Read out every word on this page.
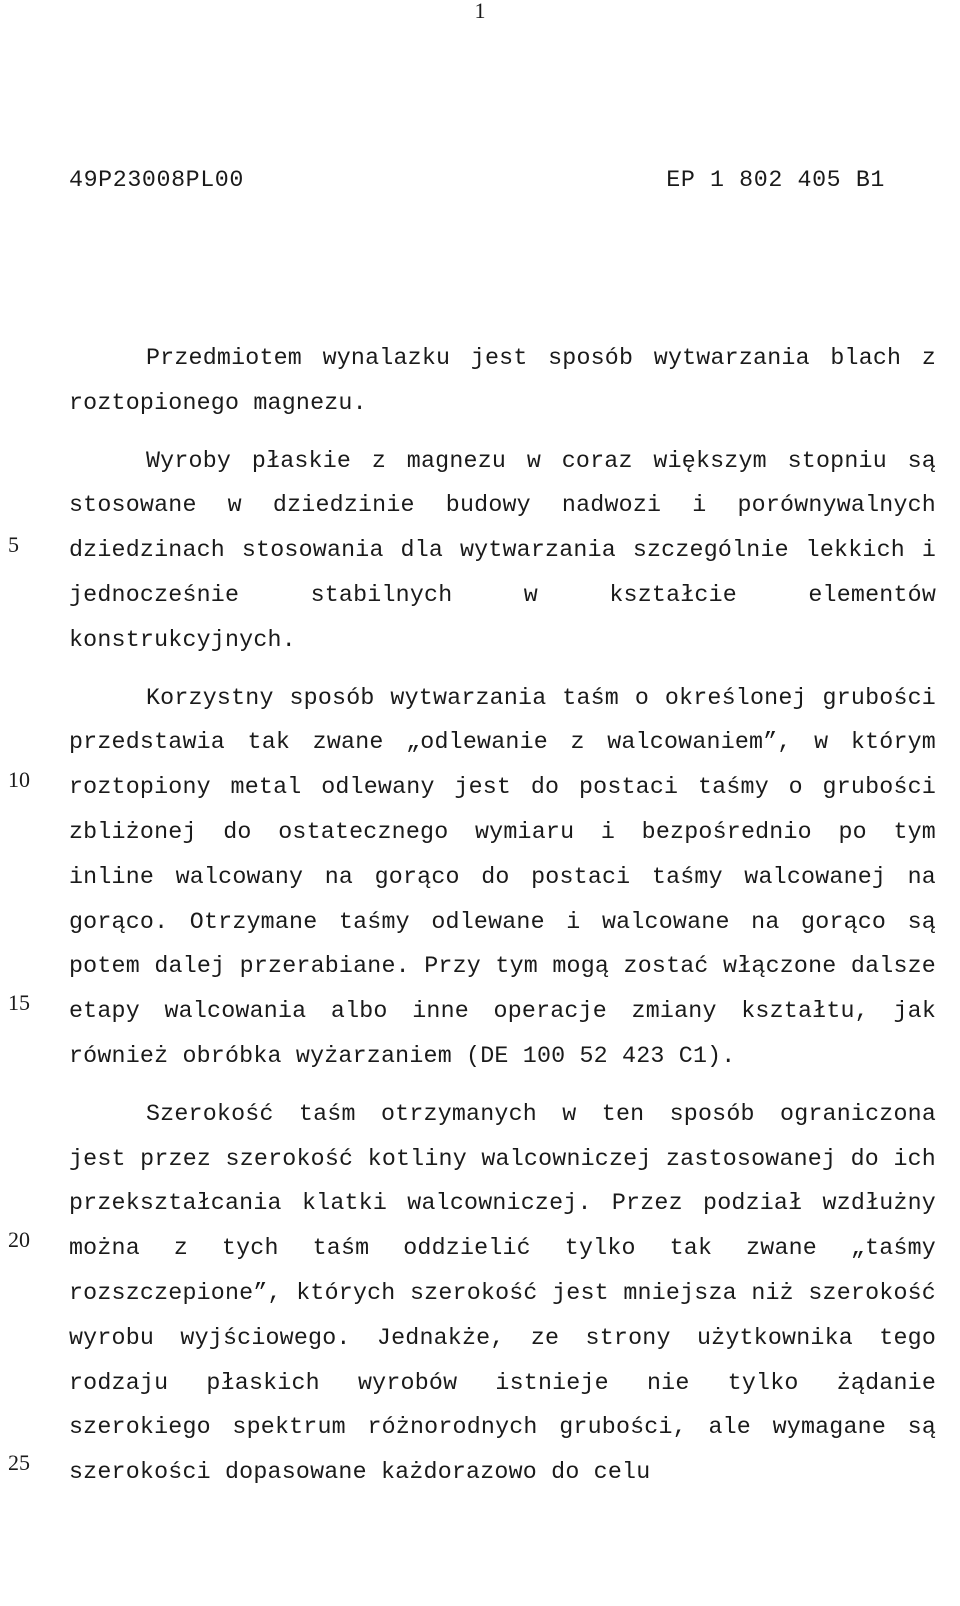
1
49P23008PL00	EP 1 802 405 B1
5
10
15
20
25

Przedmiotem wynalazku jest sposób wytwarzania blach z roztopionego magnezu.

Wyroby płaskie z magnezu w coraz większym stopniu są stosowane w dziedzinie budowy nadwozi i porównywalnych dziedzinach stosowania dla wytwarzania szczególnie lekkich i jednocześnie stabilnych w kształcie elementów konstrukcyjnych.

Korzystny sposób wytwarzania taśm o określonej grubości przedstawia tak zwane „odlewanie z walcowaniem”, w którym roztopiony metal odlewany jest do postaci taśmy o grubości zbliżonej do ostatecznego wymiaru i bezpośrednio po tym inline walcowany na gorąco do postaci taśmy walcowanej na gorąco. Otrzymane taśmy odlewane i walcowane na gorąco są potem dalej przerabiane. Przy tym mogą zostać włączone dalsze etapy walcowania albo inne operacje zmiany kształtu, jak również obróbka wyżarzaniem (DE 100 52 423 C1).

Szerokość taśm otrzymanych w ten sposób ograniczona jest przez szerokość kotliny walcowniczej zastosowanej do ich przekształcania klatki walcowniczej. Przez podział wzdłużny można z tych taśm oddzielić tylko tak zwane „taśmy rozszczepione”, których szerokość jest mniejsza niż szerokość wyrobu wyjściowego. Jednakże, ze strony użytkownika tego rodzaju płaskich wyrobów istnieje nie tylko żądanie szerokiego spektrum różnorodnych grubości, ale wymagane są szerokości dopasowane każdorazowo do celu
